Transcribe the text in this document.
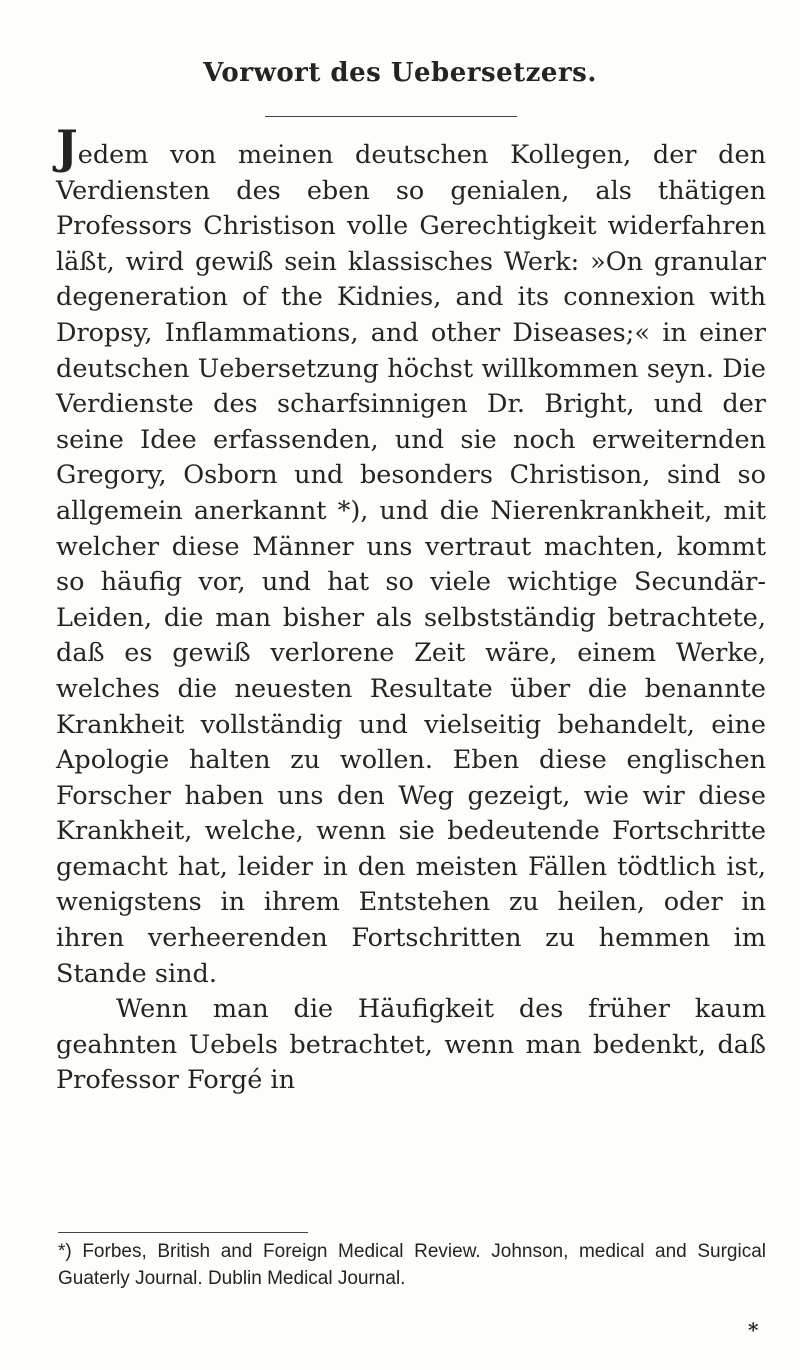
Vorwort des Uebersetzers.

Jedem von meinen deutschen Kollegen, der den Verdiensten des eben so genialen, als thätigen Professors Christison volle Gerechtigkeit widerfahren läßt, wird gewiß sein klassisches Werk: »On granular degeneration of the Kidnies, and its connexion with Dropsy, Inflammations, and other Diseases;« in einer deutschen Uebersetzung höchst willkommen seyn. Die Verdienste des scharfsinnigen Dr. Bright, und der seine Idee erfassenden, und sie noch erweiternden Gregory, Osborn und besonders Christison, sind so allgemein anerkannt *), und die Nierenkrankheit, mit welcher diese Männer uns vertraut machten, kommt so häufig vor, und hat so viele wichtige Secundär-Leiden, die man bisher als selbstständig betrachtete, daß es gewiß verlorene Zeit wäre, einem Werke, welches die neuesten Resultate über die benannte Krankheit vollständig und vielseitig behandelt, eine Apologie halten zu wollen. Eben diese englischen Forscher haben uns den Weg gezeigt, wie wir diese Krankheit, welche, wenn sie bedeutende Fortschritte gemacht hat, leider in den meisten Fällen tödtlich ist, wenigstens in ihrem Entstehen zu heilen, oder in ihren verheerenden Fortschritten zu hemmen im Stande sind.

Wenn man die Häufigkeit des früher kaum geahnten Uebels betrachtet, wenn man bedenkt, daß Professor Forgé in

*) Forbes, British and Foreign Medical Review. Johnson, medical and Surgical Guaterly Journal. Dublin Medical Journal.
*
